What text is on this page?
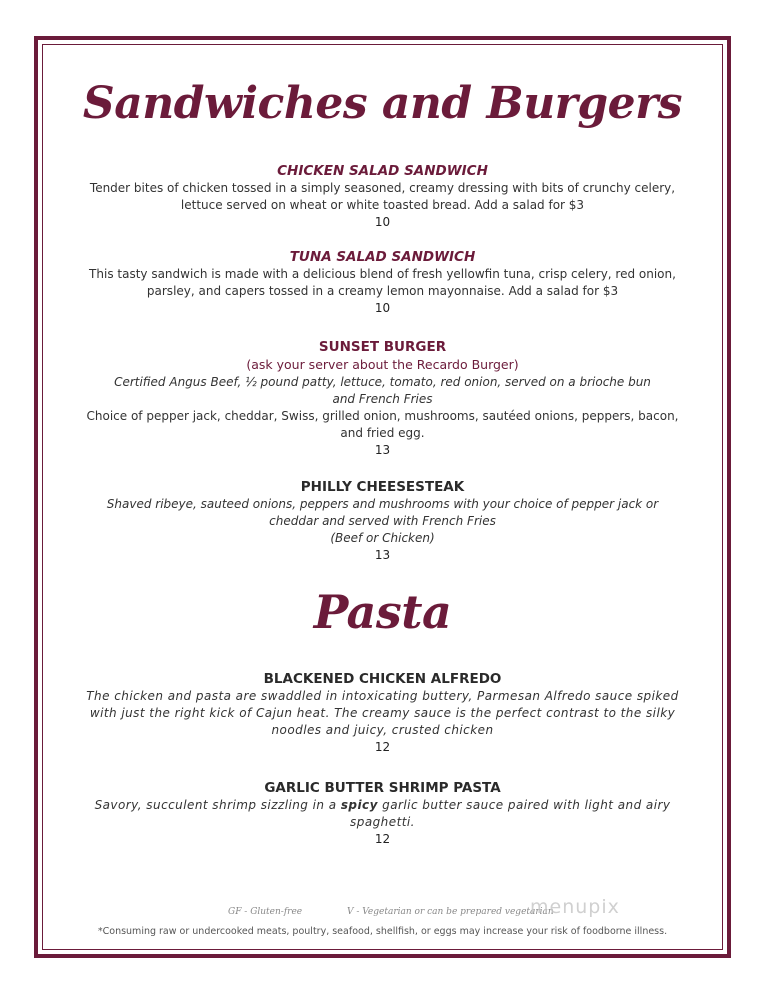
Sandwiches and Burgers
CHICKEN SALAD SANDWICH
Tender bites of chicken tossed in a simply seasoned, creamy dressing with bits of crunchy celery, lettuce served on wheat or white toasted bread. Add a salad for $3
10
TUNA SALAD SANDWICH
This tasty sandwich is made with a delicious blend of fresh yellowfin tuna, crisp celery, red onion, parsley, and capers tossed in a creamy lemon mayonnaise. Add a salad for $3
10
SUNSET BURGER
(ask your server about the Recardo Burger)
Certified Angus Beef, ½ pound patty, lettuce, tomato, red onion, served on a brioche bun and French Fries
Choice of pepper jack, cheddar, Swiss, grilled onion, mushrooms, sautéed onions, peppers, bacon, and fried egg.
13
PHILLY CHEESESTEAK
Shaved ribeye, sauteed onions, peppers and mushrooms with your choice of pepper jack or cheddar and served with French Fries
(Beef or Chicken)
13
Pasta
BLACKENED CHICKEN ALFREDO
The chicken and pasta are swaddled in intoxicating buttery, Parmesan Alfredo sauce spiked with just the right kick of Cajun heat. The creamy sauce is the perfect contrast to the silky noodles and juicy, crusted chicken
12
GARLIC BUTTER SHRIMP PASTA
Savory, succulent shrimp sizzling in a spicy garlic butter sauce paired with light and airy spaghetti.
12
GF - Gluten-free	V - Vegetarian or can be prepared vegetarian
menupix
*Consuming raw or undercooked meats, poultry, seafood, shellfish, or eggs may increase your risk of foodborne illness.
